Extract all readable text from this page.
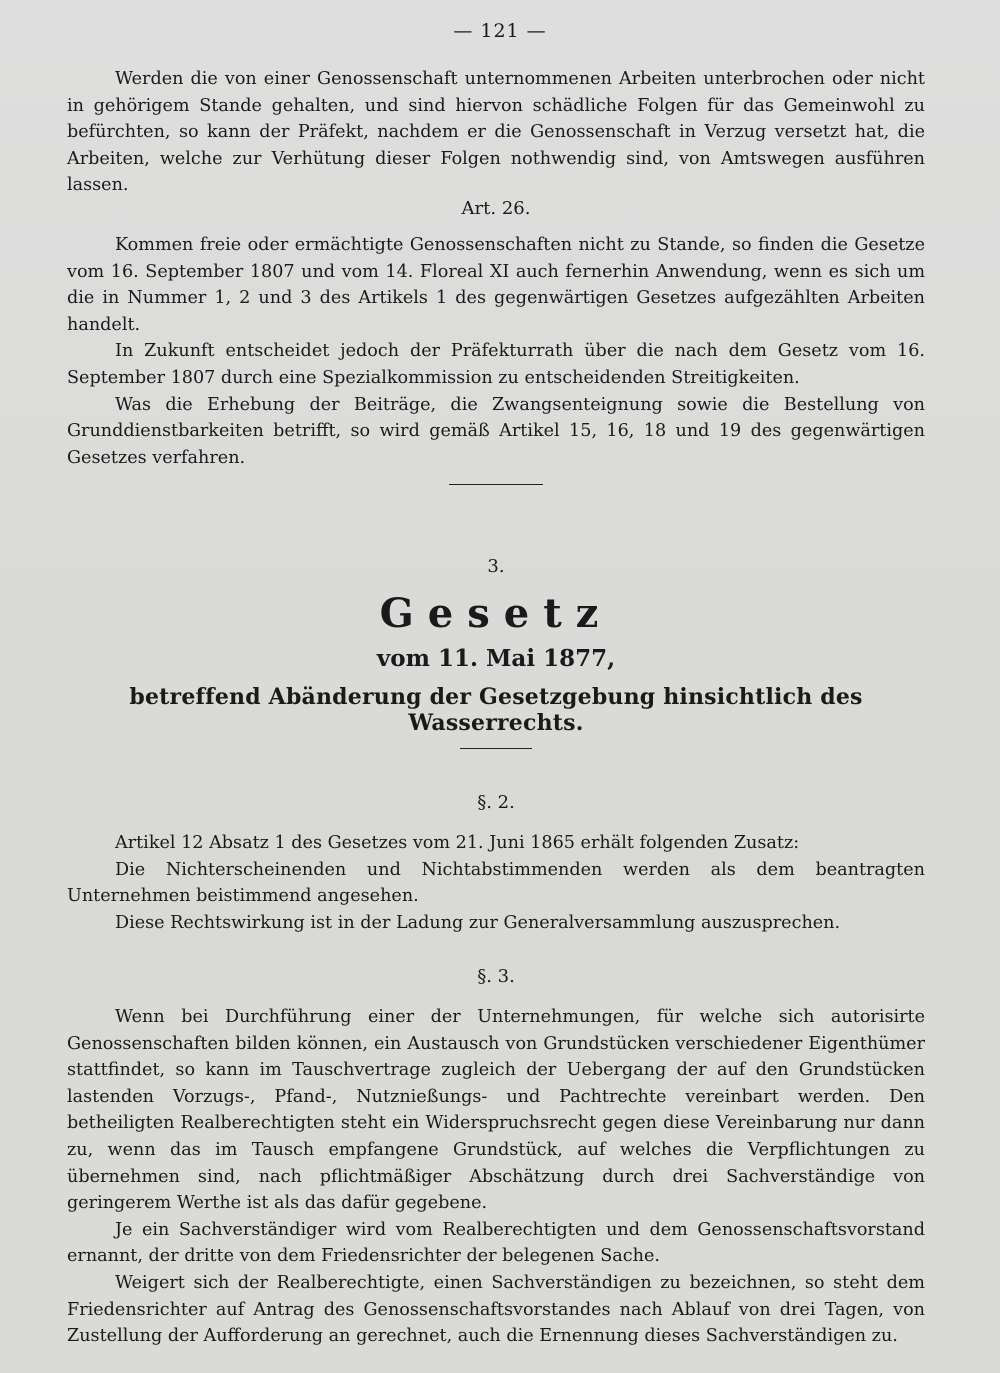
— 121 —

Werden die von einer Genossenschaft unternommenen Arbeiten unterbrochen oder nicht in gehörigem Stande gehalten, und sind hiervon schädliche Folgen für das Gemeinwohl zu befürchten, so kann der Präfekt, nachdem er die Genossenschaft in Verzug versetzt hat, die Arbeiten, welche zur Verhütung dieser Folgen nothwendig sind, von Amtswegen ausführen lassen.

Art. 26.

Kommen freie oder ermächtigte Genossenschaften nicht zu Stande, so finden die Gesetze vom 16. September 1807 und vom 14. Floreal XI auch fernerhin Anwendung, wenn es sich um die in Nummer 1, 2 und 3 des Artikels 1 des gegenwärtigen Gesetzes aufgezählten Arbeiten handelt.

In Zukunft entscheidet jedoch der Präfekturrath über die nach dem Gesetz vom 16. September 1807 durch eine Spezialkommission zu entscheidenden Streitigkeiten.

Was die Erhebung der Beiträge, die Zwangsenteignung sowie die Bestellung von Grunddienstbarkeiten betrifft, so wird gemäß Artikel 15, 16, 18 und 19 des gegenwärtigen Gesetzes verfahren.

3.
Gesetz
vom 11. Mai 1877,
betreffend Abänderung der Gesetzgebung hinsichtlich des Wasserrechts.
§. 2.

Artikel 12 Absatz 1 des Gesetzes vom 21. Juni 1865 erhält folgenden Zusatz:

Die Nichterscheinenden und Nichtabstimmenden werden als dem beantragten Unternehmen beistimmend angesehen.

Diese Rechtswirkung ist in der Ladung zur Generalversammlung auszusprechen.

§. 3.

Wenn bei Durchführung einer der Unternehmungen, für welche sich autorisirte Genossenschaften bilden können, ein Austausch von Grundstücken verschiedener Eigenthümer stattfindet, so kann im Tauschvertrage zugleich der Uebergang der auf den Grundstücken lastenden Vorzugs-, Pfand-, Nutznießungs- und Pachtrechte vereinbart werden. Den betheiligten Realberechtigten steht ein Widerspruchsrecht gegen diese Vereinbarung nur dann zu, wenn das im Tausch empfangene Grundstück, auf welches die Verpflichtungen zu übernehmen sind, nach pflichtmäßiger Abschätzung durch drei Sachverständige von geringerem Werthe ist als das dafür gegebene.

Je ein Sachverständiger wird vom Realberechtigten und dem Genossenschaftsvorstand ernannt, der dritte von dem Friedensrichter der belegenen Sache.

Weigert sich der Realberechtigte, einen Sachverständigen zu bezeichnen, so steht dem Friedensrichter auf Antrag des Genossenschaftsvorstandes nach Ablauf von drei Tagen, von Zustellung der Aufforderung an gerechnet, auch die Ernennung dieses Sachverständigen zu.
